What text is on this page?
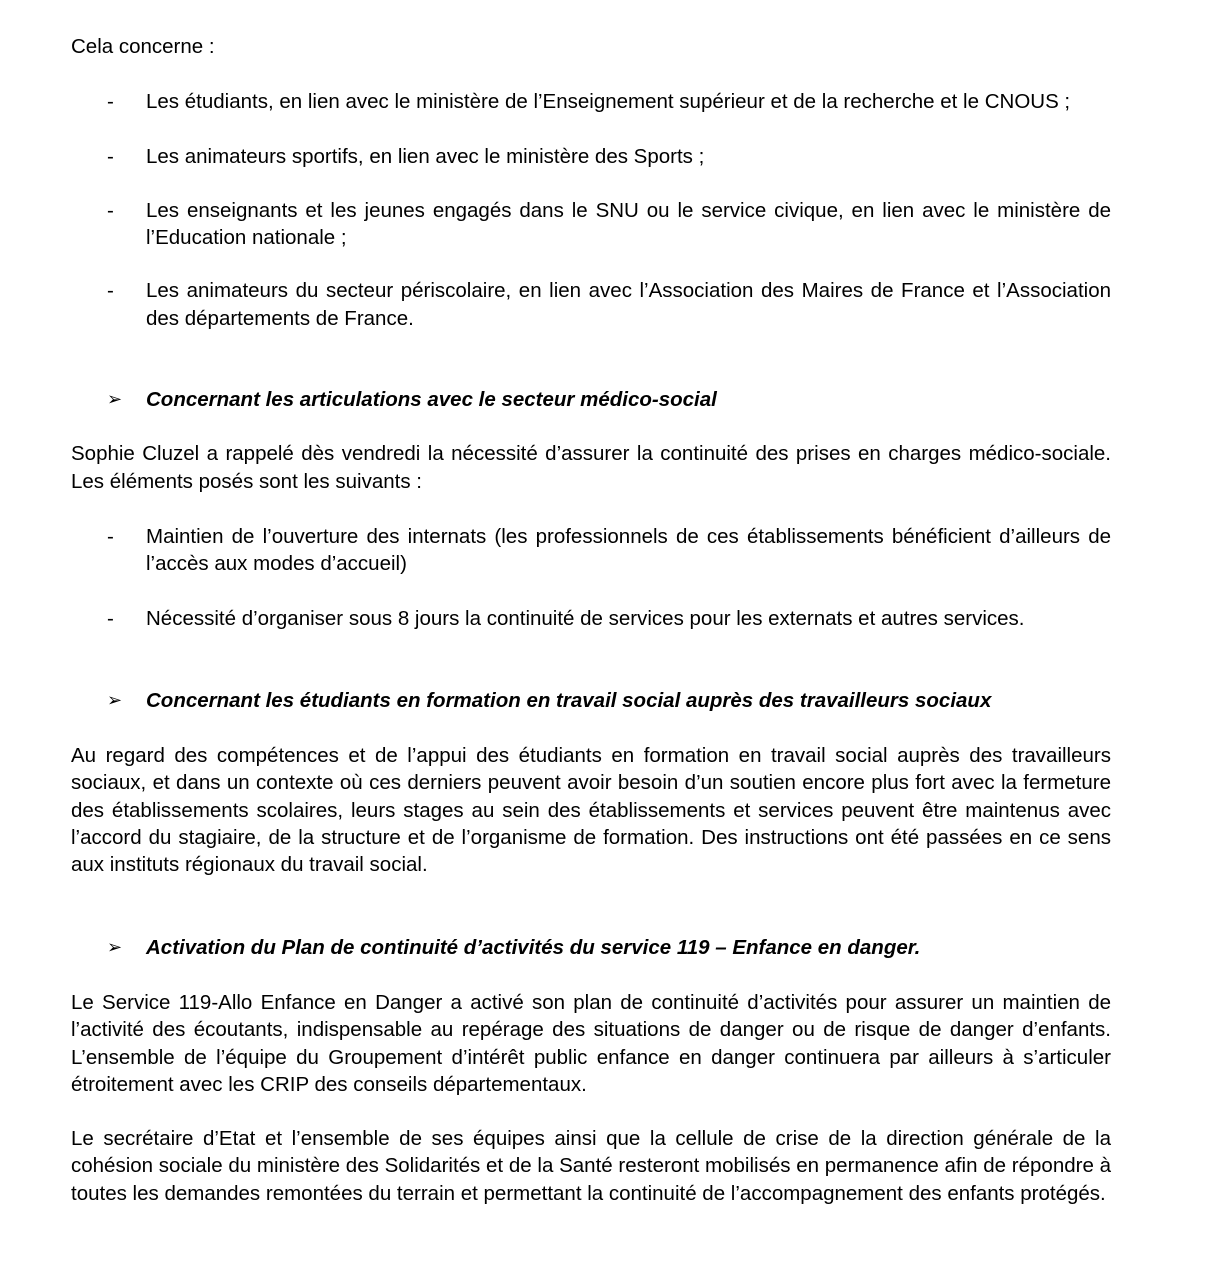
Cela concerne :

- Les étudiants, en lien avec le ministère de l’Enseignement supérieur et de la recherche et le CNOUS ;
- Les animateurs sportifs, en lien avec le ministère des Sports ;
- Les enseignants et les jeunes engagés dans le SNU ou le service civique, en lien avec le ministère de l’Education nationale ;
- Les animateurs du secteur périscolaire, en lien avec l’Association des Maires de France et l’Association des départements de France.

➢ Concernant les articulations avec le secteur médico-social

Sophie Cluzel a rappelé dès vendredi la nécessité d’assurer la continuité des prises en charges médico-sociale. Les éléments posés sont les suivants :

- Maintien de l’ouverture des internats (les professionnels de ces établissements bénéficient d’ailleurs de l’accès aux modes d’accueil)
- Nécessité d’organiser sous 8 jours la continuité de services pour les externats et autres services.

➢ Concernant les étudiants en formation en travail social auprès des travailleurs sociaux

Au regard des compétences et de l’appui des étudiants en formation en travail social auprès des travailleurs sociaux, et dans un contexte où ces derniers peuvent avoir besoin d’un soutien encore plus fort avec la fermeture des établissements scolaires, leurs stages au sein des établissements et services peuvent être maintenus avec l’accord du stagiaire, de la structure et de l’organisme de formation. Des instructions ont été passées en ce sens aux instituts régionaux du travail social.

➢ Activation du Plan de continuité d’activités du service 119 – Enfance en danger.

Le Service 119-Allo Enfance en Danger a activé son plan de continuité d’activités pour assurer un maintien de l’activité des écoutants, indispensable au repérage des situations de danger ou de risque de danger d’enfants. L’ensemble de l’équipe du Groupement d’intérêt public enfance en danger continuera par ailleurs à s’articuler étroitement avec les CRIP des conseils départementaux.

Le secrétaire d’Etat et l’ensemble de ses équipes ainsi que la cellule de crise de la direction générale de la cohésion sociale du ministère des Solidarités et de la Santé resteront mobilisés en permanence afin de répondre à toutes les demandes remontées du terrain et permettant la continuité de l’accompagnement des enfants protégés.
